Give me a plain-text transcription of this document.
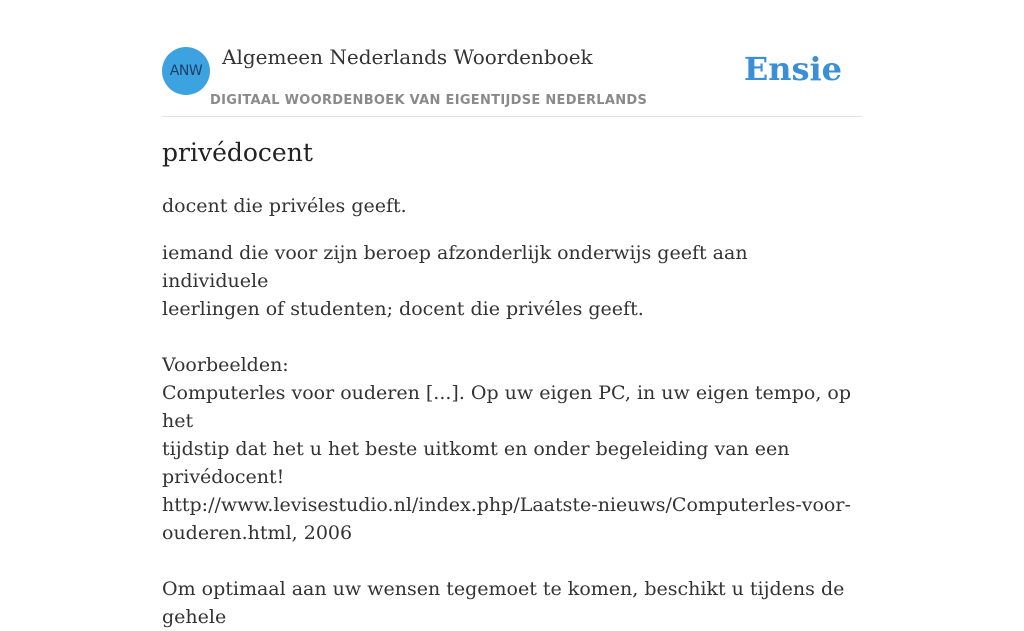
ANW
Algemeen Nederlands Woordenboek
DIGITAAL WOORDENBOEK VAN EIGENTIJDSE NEDERLANDS
Ensie
privédocent

docent die privéles geeft.

iemand die voor zijn beroep afzonderlijk onderwijs geeft aan individuele

leerlingen of studenten; docent die privéles geeft.

Voorbeelden:

Computerles voor ouderen [...]. Op uw eigen PC, in uw eigen tempo, op het

tijdstip dat het u het beste uitkomt en onder begeleiding van een privédocent!

http://www.levisestudio.nl/index.php/Laatste-nieuws/Computerles-voor-

ouderen.html, 2006

Om optimaal aan uw wensen tegemoet te komen, beschikt u tijdens de gehele
